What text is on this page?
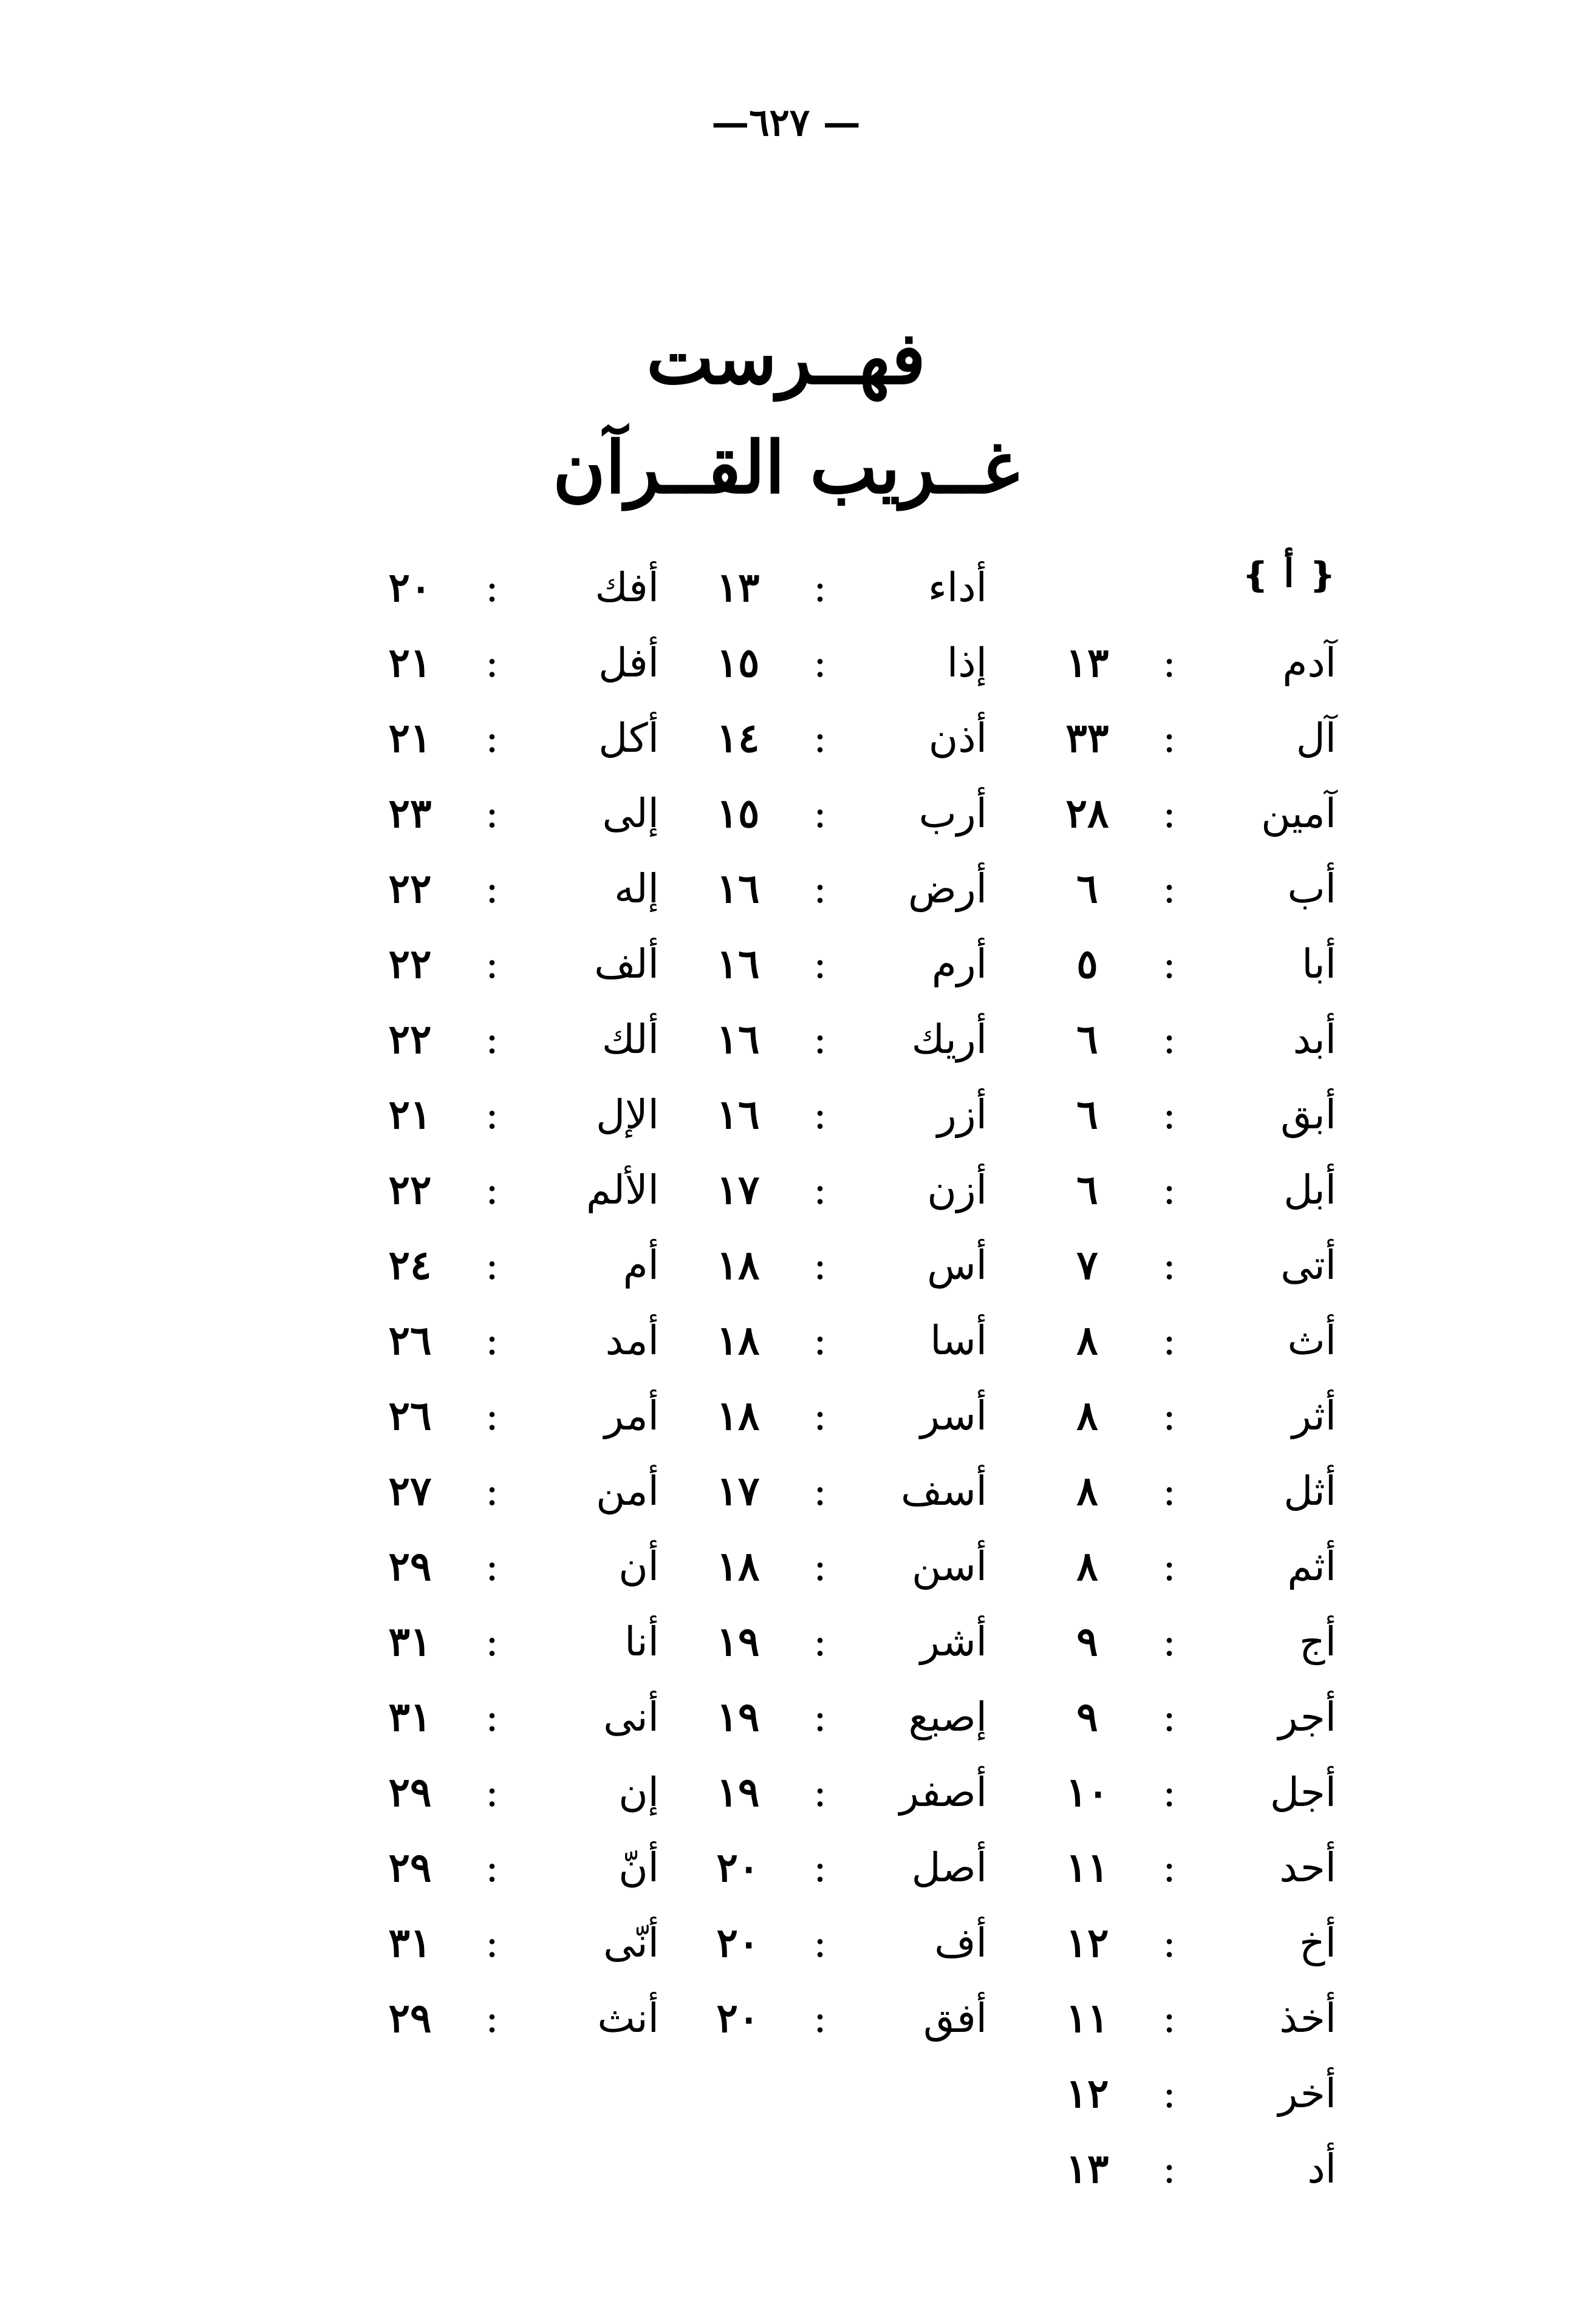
— ٦٢٧—
فهــرست
غــريب القــرآن
❴ أ ❵
آدم
:
١٣
آل
:
٣٣
آمين
:
٢٨
أب
:
٦
أبا
:
٥
أبد
:
٦
أبق
:
٦
أبل
:
٦
أتى
:
٧
أث
:
٨
أثر
:
٨
أثل
:
٨
أثم
:
٨
أج
:
٩
أجر
:
٩
أجل
:
١٠
أحد
:
١١
أخ
:
١٢
أخذ
:
١١
أخر
:
١٢
أد
:
١٣
أداء
:
١٣
إذا
:
١٥
أذن
:
١٤
أرب
:
١٥
أرض
:
١٦
أرم
:
١٦
أريك
:
١٦
أزر
:
١٦
أزن
:
١٧
أس
:
١٨
أسا
:
١٨
أسر
:
١٨
أسف
:
١٧
أسن
:
١٨
أشر
:
١٩
إصبع
:
١٩
أصفر
:
١٩
أصل
:
٢٠
أف
:
٢٠
أفق
:
٢٠
أفك
:
٢٠
أفل
:
٢١
أكل
:
٢١
إلى
:
٢٣
إله
:
٢٢
ألف
:
٢٢
ألك
:
٢٢
الإل
:
٢١
الألم
:
٢٢
أم
:
٢٤
أمد
:
٢٦
أمر
:
٢٦
أمن
:
٢٧
أن
:
٢٩
أنا
:
٣١
أنى
:
٣١
إن
:
٢٩
أنّ
:
٢٩
أنّى
:
٣١
أنث
:
٢٩
